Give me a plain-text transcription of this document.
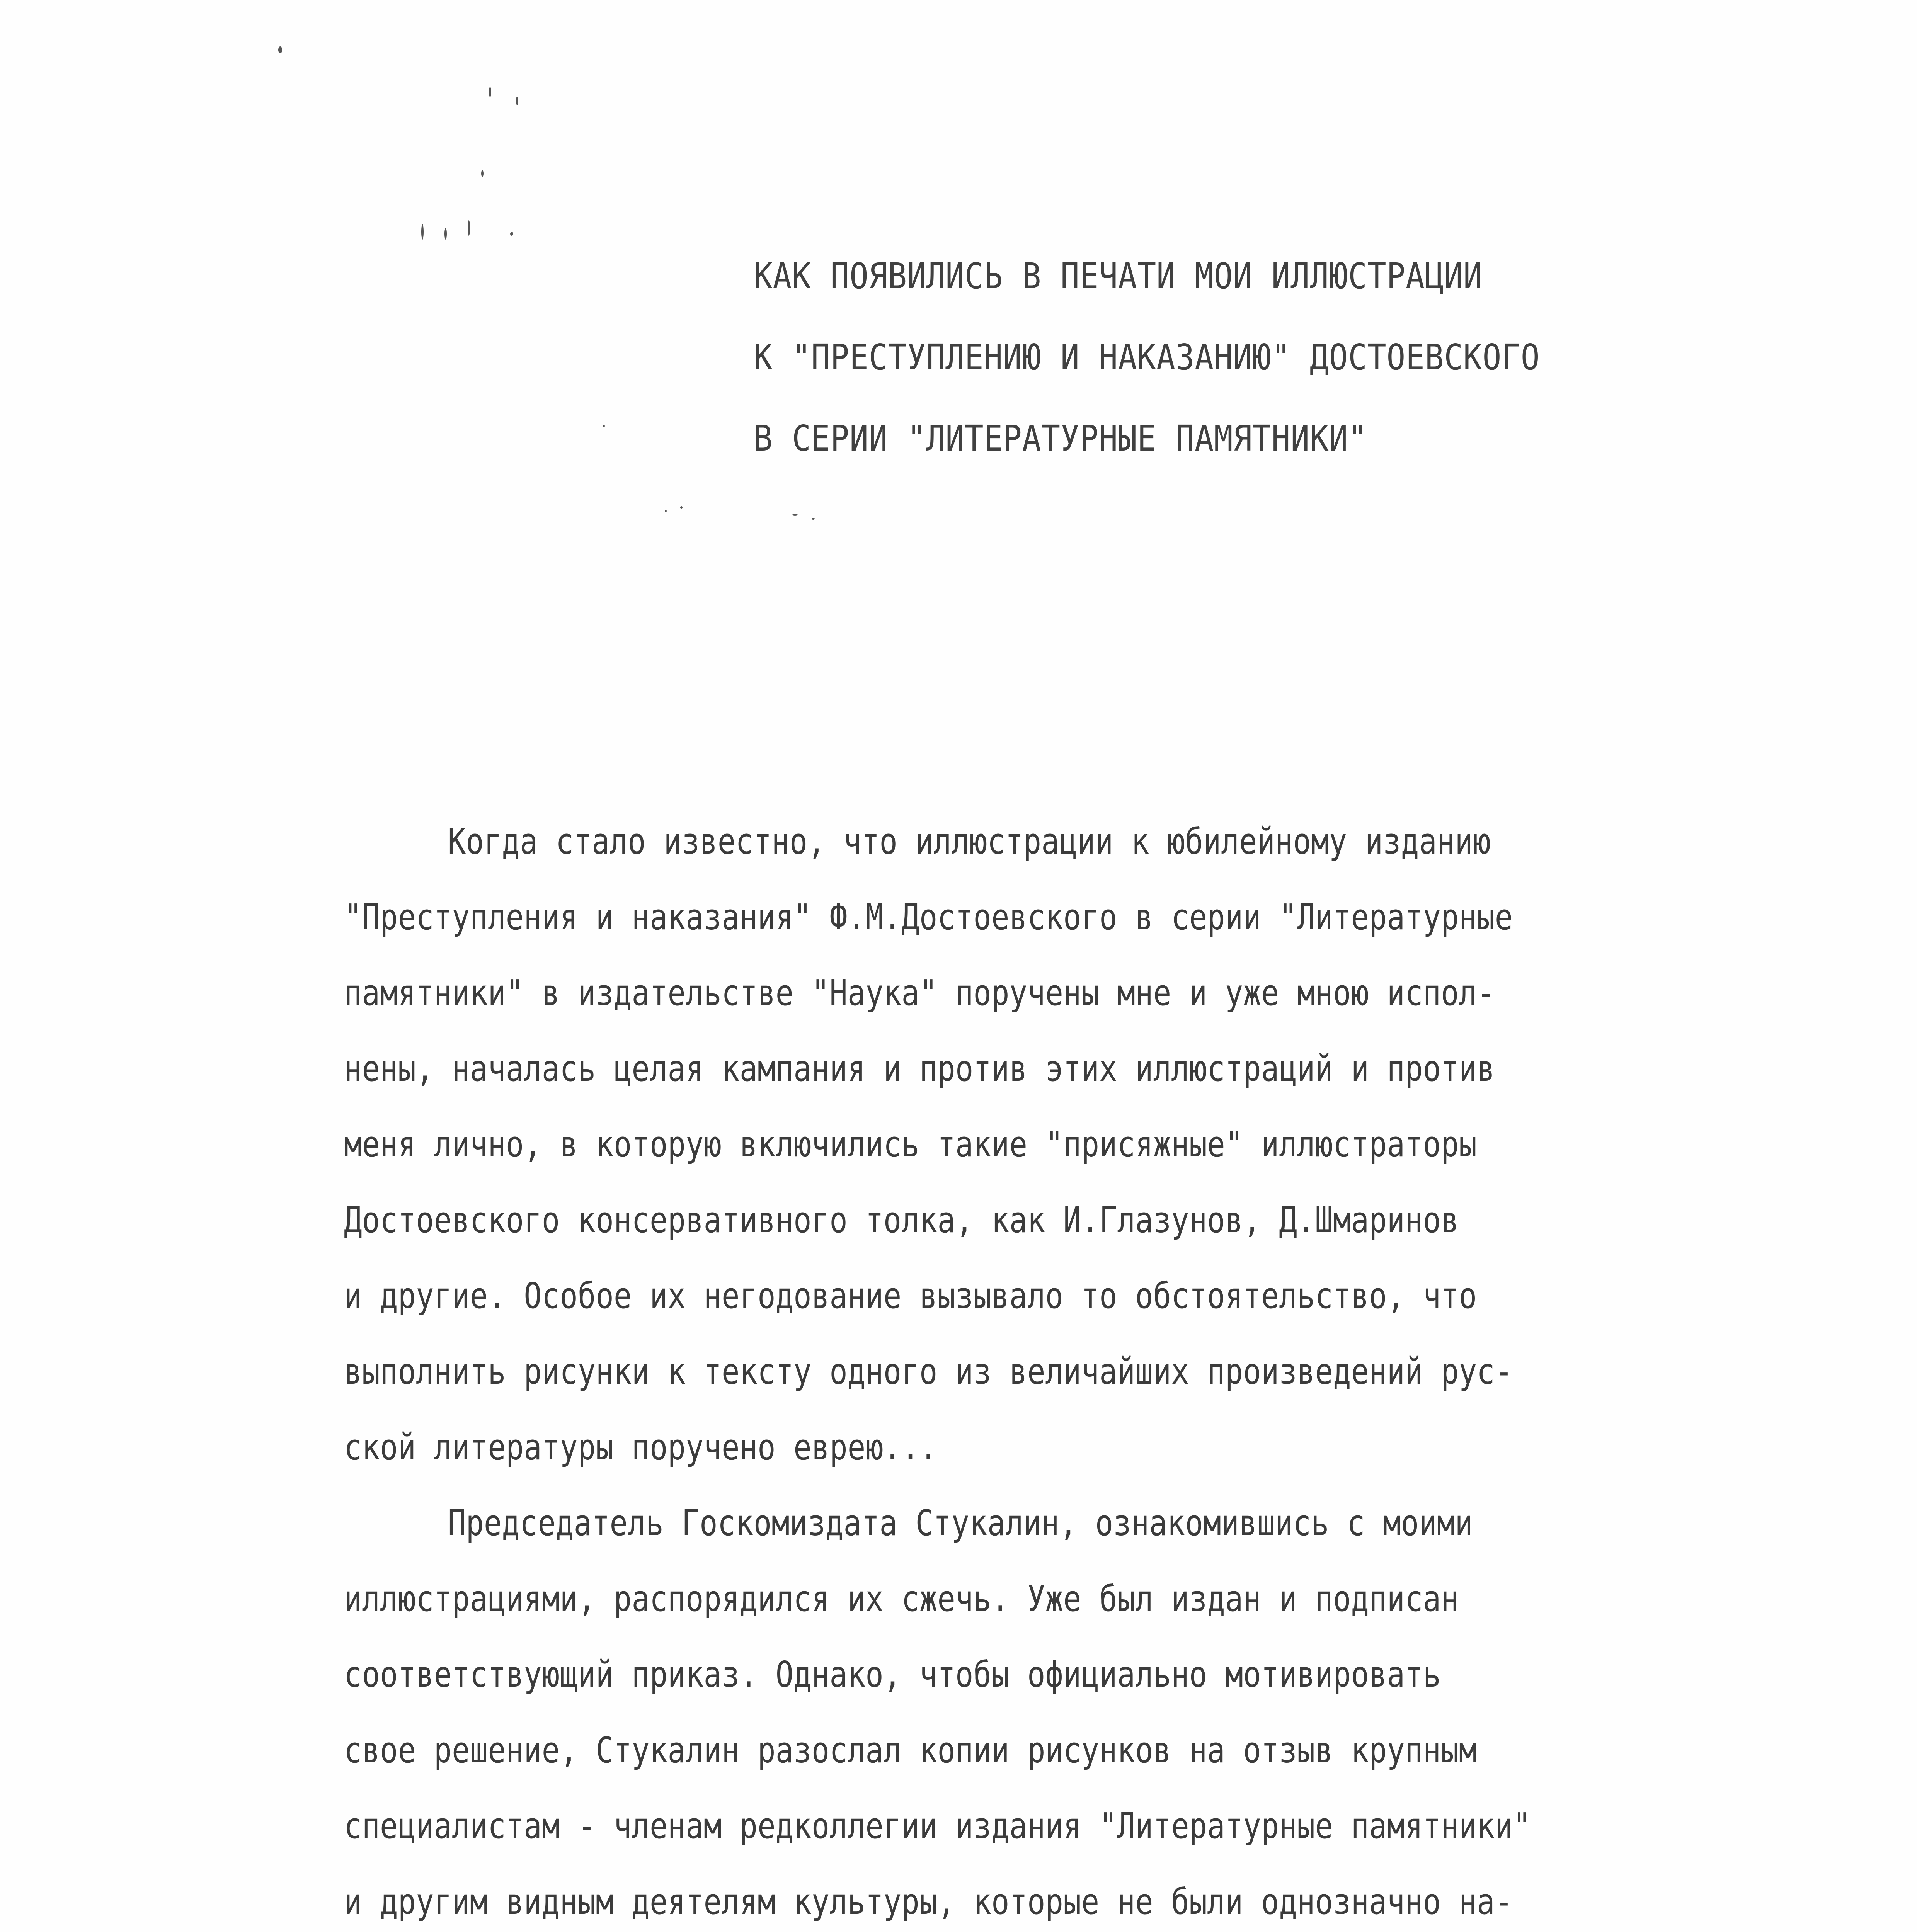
КАК ПОЯВИЛИСЬ В ПЕЧАТИ МОИ ИЛЛЮСТРАЦИИ
К "ПРЕСТУПЛЕНИЮ И НАКАЗАНИЮ" ДОСТОЕВСКОГО
В СЕРИИ "ЛИТЕРАТУРНЫЕ ПАМЯТНИКИ"
Когда стало известно, что иллюстрации к юбилейному изданию
"Преступления и наказания" Ф.М.Достоевского в серии "Литературные
памятники" в издательстве "Наука" поручены мне и уже мною испол-
нены, началась целая кампания и против этих иллюстраций и против
меня лично, в которую включились такие "присяжные" иллюстраторы
Достоевского консервативного толка, как И.Глазунов, Д.Шмаринов
и другие. Особое их негодование вызывало то обстоятельство, что
выполнить рисунки к тексту одного из величайших произведений рус-
ской литературы поручено еврею...
Председатель Госкомиздата Стукалин, ознакомившись с моими
иллюстрациями, распорядился их сжечь. Уже был издан и подписан
соответствующий приказ. Однако, чтобы официально мотивировать
свое решение, Стукалин разослал копии рисунков на отзыв крупным
специалистам - членам редколлегии издания "Литературные памятники"
и другим видным деятелям культуры, которые не были однозначно на-
